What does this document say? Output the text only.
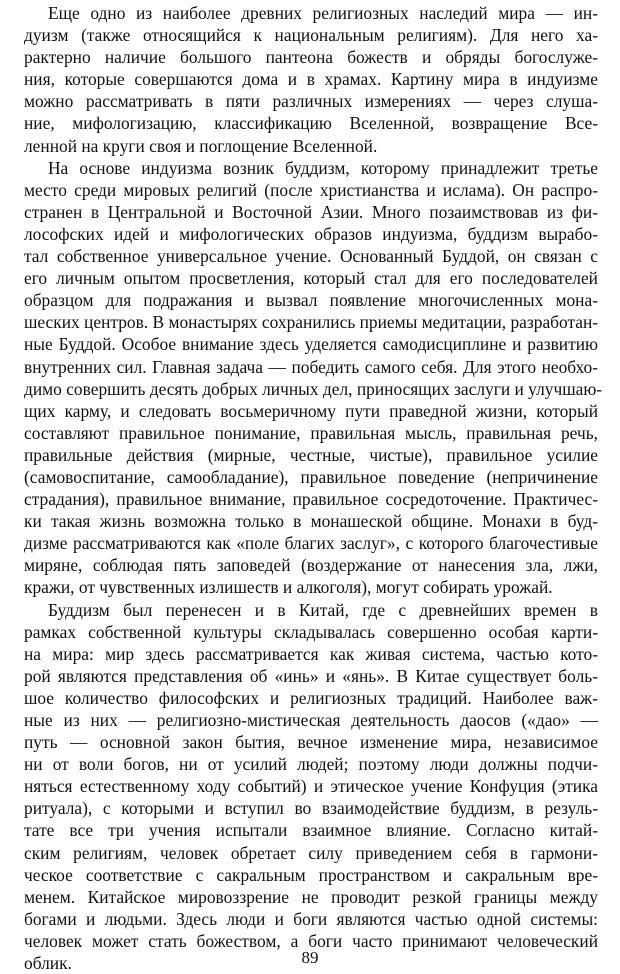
Еще одно из наиболее древних религиозных наследий мира — ин-
дуизм (также относящийся к национальным религиям). Для него ха-
рактерно наличие большого пантеона божеств и обряды богослуже-
ния, которые совершаются дома и в храмах. Картину мира в индуизме
можно рассматривать в пяти различных измерениях — через слуша-
ние, мифологизацию, классификацию Вселенной, возвращение Все-
ленной на круги своя и поглощение Вселенной.
На основе индуизма возник буддизм, которому принадлежит третье
место среди мировых религий (после христианства и ислама). Он распро-
странен в Центральной и Восточной Азии. Много позаимствовав из фи-
лософских идей и мифологических образов индуизма, буддизм вырабо-
тал собственное универсальное учение. Основанный Буддой, он связан с
его личным опытом просветления, который стал для его последователей
образцом для подражания и вызвал появление многочисленных мона-
шеских центров. В монастырях сохранились приемы медитации, разработан-
ные Буддой. Особое внимание здесь уделяется самодисциплине и развитию
внутренних сил. Главная задача — победить самого себя. Для этого необхо-
димо совершить десять добрых личных дел, приносящих заслуги и улучшаю-
щих карму, и следовать восьмеричному пути праведной жизни, который
составляют правильное понимание, правильная мысль, правильная речь,
правильные действия (мирные, честные, чистые), правильное усилие
(самовоспитание, самообладание), правильное поведение (непричинение
страдания), правильное внимание, правильное сосредоточение. Практичес-
ки такая жизнь возможна только в монашеской общине. Монахи в буд-
дизме рассматриваются как «поле благих заслуг», с которого благочестивые
миряне, соблюдая пять заповедей (воздержание от нанесения зла, лжи,
кражи, от чувственных излишеств и алкоголя), могут собирать урожай.
Буддизм был перенесен и в Китай, где с древнейших времен в
рамках собственной культуры складывалась совершенно особая карти-
на мира: мир здесь рассматривается как живая система, частью кото-
рой являются представления об «инь» и «янь». В Китае существует боль-
шое количество философских и религиозных традиций. Наиболее важ-
ные из них — религиозно-мистическая деятельность даосов («дао» —
путь — основной закон бытия, вечное изменение мира, независимое
ни от воли богов, ни от усилий людей; поэтому люди должны подчи-
няться естественному ходу событий) и этическое учение Конфуция (этика
ритуала), с которыми и вступил во взаимодействие буддизм, в резуль-
тате все три учения испытали взаимное влияние. Согласно китай-
ским религиям, человек обретает силу приведением себя в гармони-
ческое соответствие с сакральным пространством и сакральным вре-
менем. Китайское мировоззрение не проводит резкой границы между
богами и людьми. Здесь люди и боги являются частью одной системы:
человек может стать божеством, а боги часто принимают человеческий
облик.	89
